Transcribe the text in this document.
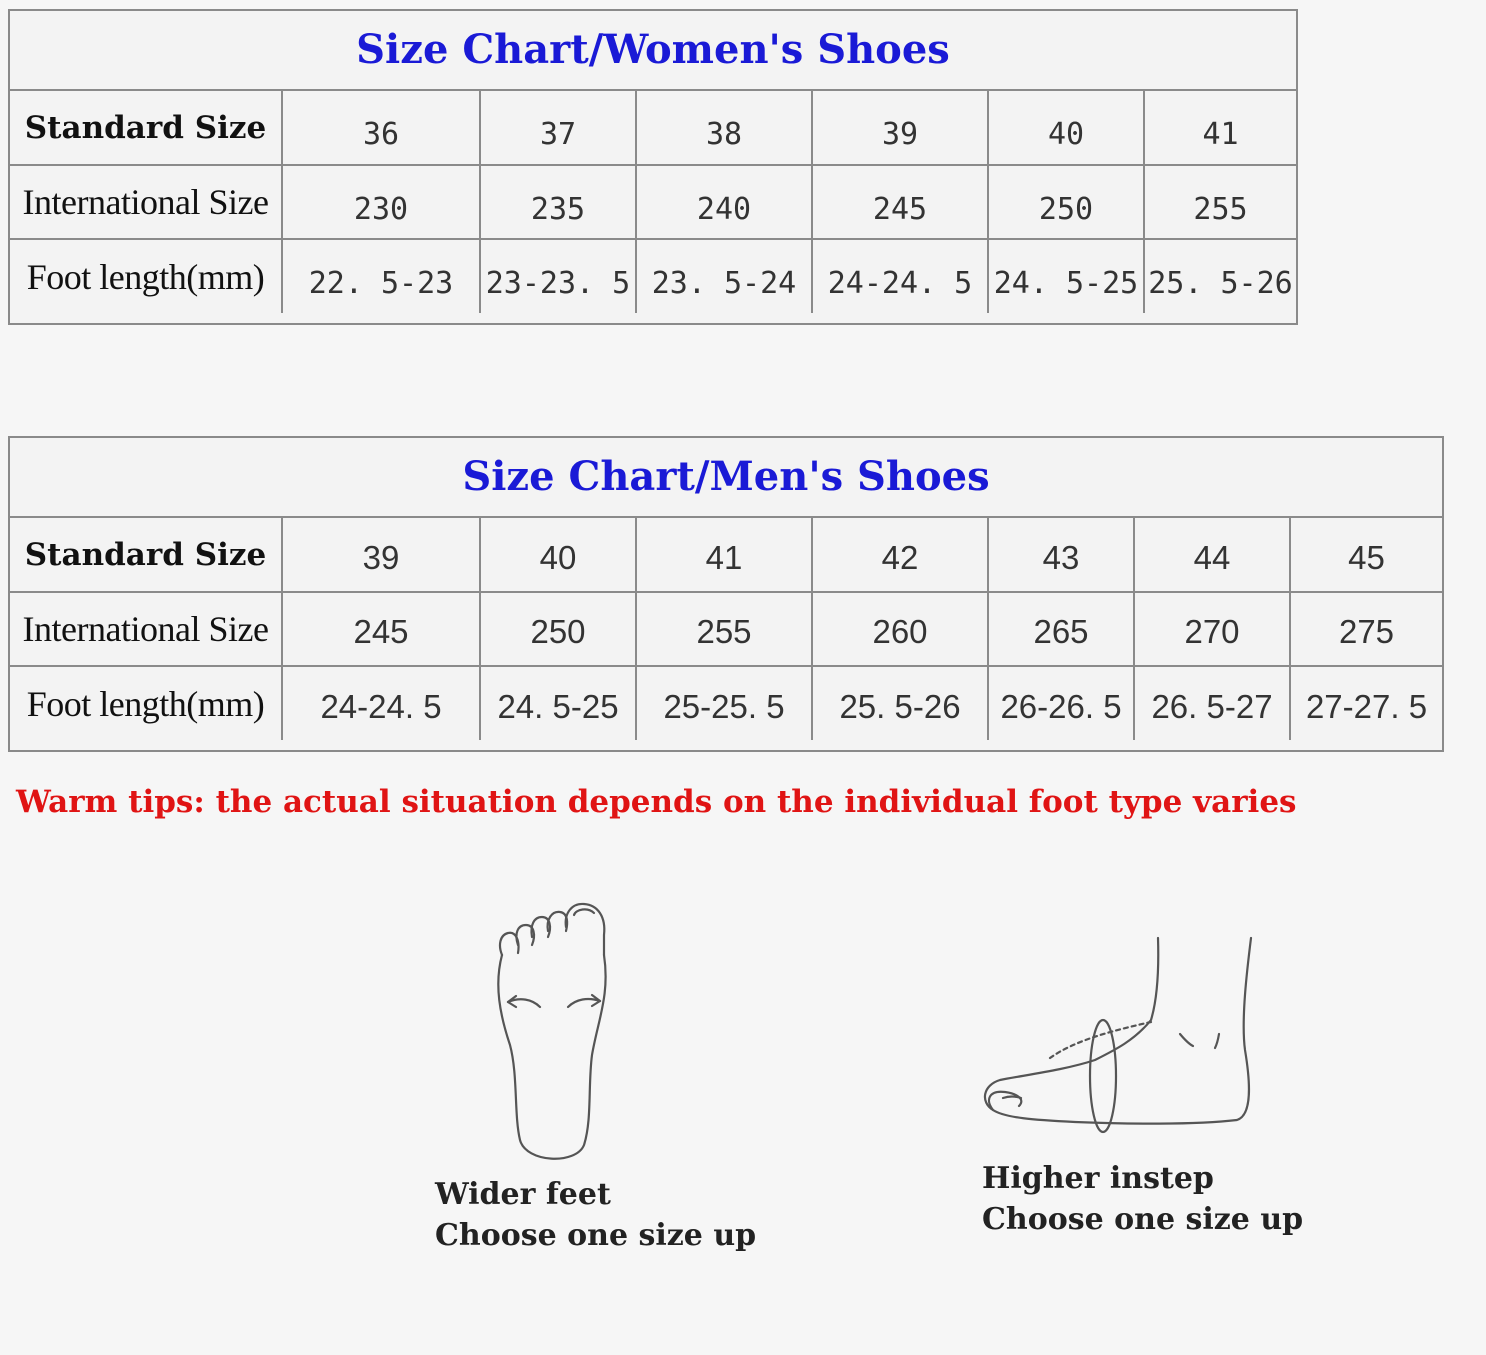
Size Chart/Women's Shoes
Standard Size	36	37	38	39	40	41
International Size	230	235	240	245	250	255
Foot length(mm)	22. 5-23	23-23. 5	23. 5-24	24-24. 5	24. 5-25	25. 5-26
Size Chart/Men's Shoes
Standard Size	39	40	41	42	43	44	45
International Size	245	250	255	260	265	270	275
Foot length(mm)	24-24. 5	24. 5-25	25-25. 5	25. 5-26	26-26. 5	26. 5-27	27-27. 5
Warm tips: the actual situation depends on the individual foot type varies
Wider feet
Choose one size up
Higher instep
Choose one size up
